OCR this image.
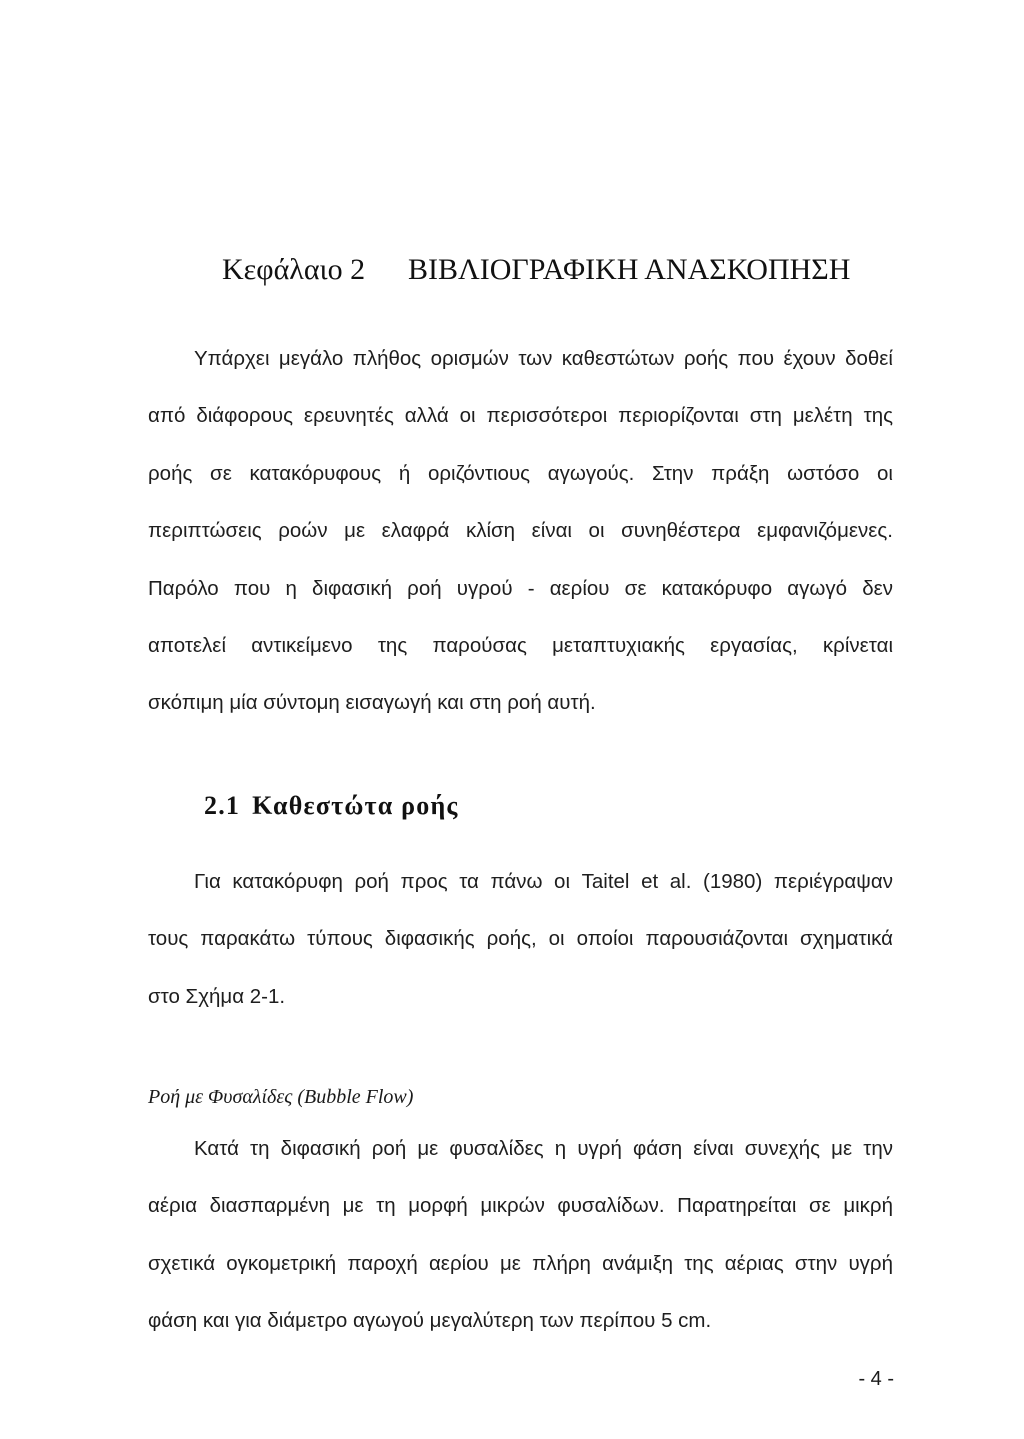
Κεφάλαιο 2 ΒΙΒΛΙΟΓΡΑΦΙΚΗ ΑΝΑΣΚΟΠΗΣΗ
Υπάρχει μεγάλο πλήθος ορισμών των καθεστώτων ροής που έχουν δοθεί
από διάφορους ερευνητές αλλά οι περισσότεροι περιορίζονται στη μελέτη της
ροής σε κατακόρυφους ή οριζόντιους αγωγούς. Στην πράξη ωστόσο οι
περιπτώσεις ροών με ελαφρά κλίση είναι οι συνηθέστερα εμφανιζόμενες.
Παρόλο που η διφασική ροή υγρού - αερίου σε κατακόρυφο αγωγό δεν
αποτελεί αντικείμενο της παρούσας μεταπτυχιακής εργασίας, κρίνεται
σκόπιμη μία σύντομη εισαγωγή και στη ροή αυτή.
2.1 Καθεστώτα ροής
Για κατακόρυφη ροή προς τα πάνω οι Taitel et al. (1980) περιέγραψαν
τους παρακάτω τύπους διφασικής ροής, οι οποίοι παρουσιάζονται σχηματικά
στο Σχήμα 2-1.
Ροή με Φυσαλίδες (Bubble Flow)
Κατά τη διφασική ροή με φυσαλίδες η υγρή φάση είναι συνεχής με την
αέρια διασπαρμένη με τη μορφή μικρών φυσαλίδων. Παρατηρείται σε μικρή
σχετικά ογκομετρική παροχή αερίου με πλήρη ανάμιξη της αέριας στην υγρή
φάση και για διάμετρο αγωγού μεγαλύτερη των περίπου 5 cm.
- 4 -
